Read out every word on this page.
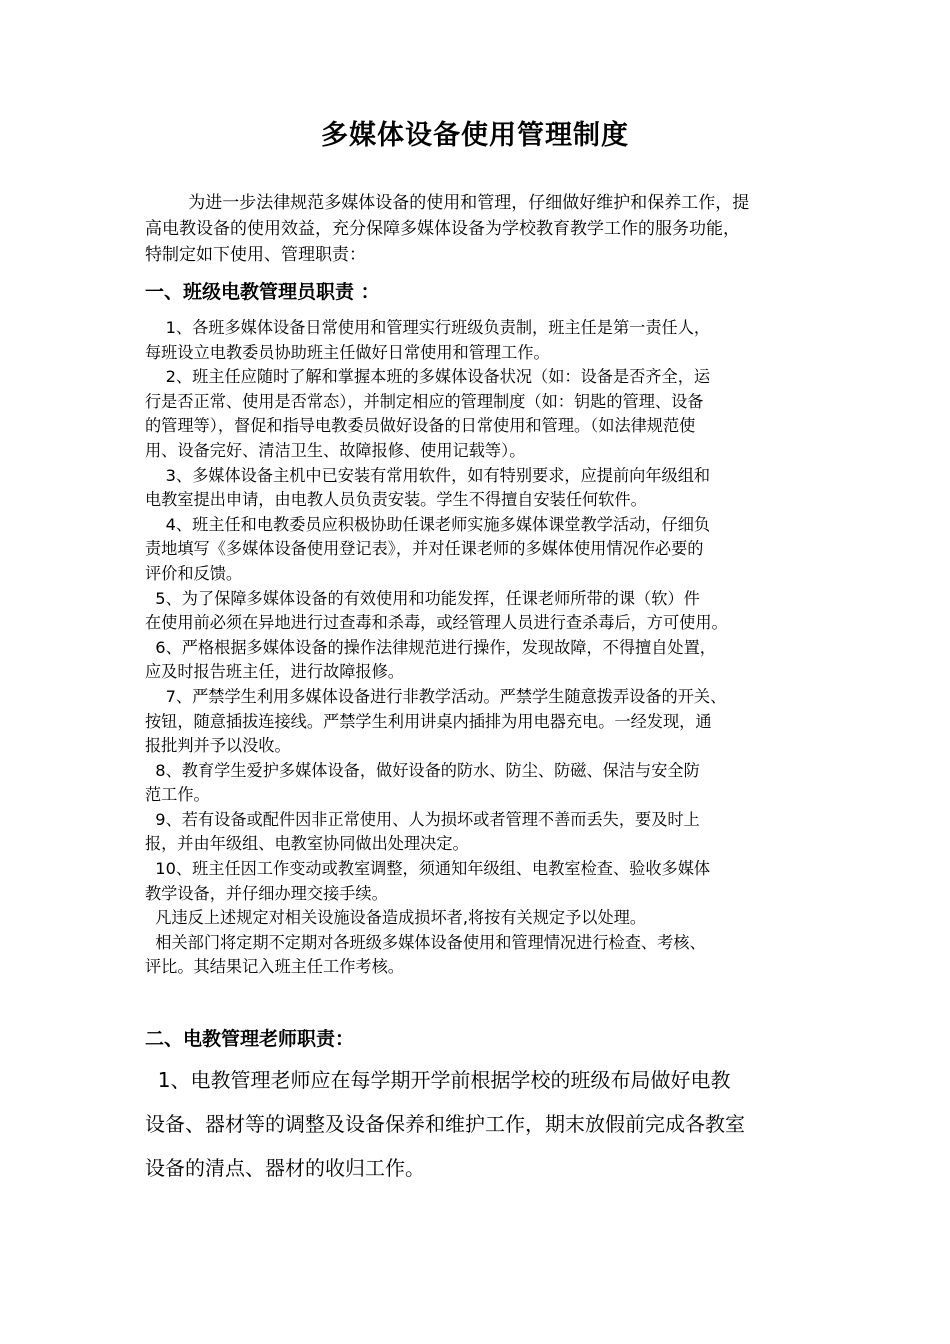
多媒体设备使用管理制度
为进一步法律规范多媒体设备的使用和管理，仔细做好维护和保养工作，提
高电教设备的使用效益，充分保障多媒体设备为学校教育教学工作的服务功能，
特制定如下使用、管理职责：
一、班级电教管理员职责 ：
1、各班多媒体设备日常使用和管理实行班级负责制，班主任是第一责任人，
每班设立电教委员协助班主任做好日常使用和管理工作。
2、班主任应随时了解和掌握本班的多媒体设备状况（如：设备是否齐全，运
行是否正常、使用是否常态），并制定相应的管理制度（如：钥匙的管理、设备
的管理等），督促和指导电教委员做好设备的日常使用和管理。（如法律规范使
用、设备完好、清洁卫生、故障报修、使用记载等）。
3、多媒体设备主机中已安装有常用软件，如有特别要求，应提前向年级组和
电教室提出申请，由电教人员负责安装。学生不得擅自安装任何软件。
4、班主任和电教委员应积极协助任课老师实施多媒体课堂教学活动，仔细负
责地填写《多媒体设备使用登记表》，并对任课老师的多媒体使用情况作必要的
评价和反馈。
5、为了保障多媒体设备的有效使用和功能发挥，任课老师所带的课（软）件
在使用前必须在异地进行过查毒和杀毒，或经管理人员进行查杀毒后，方可使用。
6、严格根据多媒体设备的操作法律规范进行操作，发现故障，不得擅自处置，
应及时报告班主任，进行故障报修。
7、严禁学生利用多媒体设备进行非教学活动。严禁学生随意拨弄设备的开关、
按钮，随意插拔连接线。严禁学生利用讲桌内插排为用电器充电。一经发现，通
报批判并予以没收。
8、教育学生爱护多媒体设备，做好设备的防水、防尘、防磁、保洁与安全防
范工作。
9、若有设备或配件因非正常使用、人为损坏或者管理不善而丢失，要及时上
报，并由年级组、电教室协同做出处理决定。
10、班主任因工作变动或教室调整，须通知年级组、电教室检查、验收多媒体
教学设备，并仔细办理交接手续。
凡违反上述规定对相关设施设备造成损坏者,将按有关规定予以处理。
相关部门将定期不定期对各班级多媒体设备使用和管理情况进行检查、考核、
评比。其结果记入班主任工作考核。
二、电教管理老师职责：
1、电教管理老师应在每学期开学前根据学校的班级布局做好电教
设备、器材等的调整及设备保养和维护工作，期末放假前完成各教室
设备的清点、器材的收归工作。
